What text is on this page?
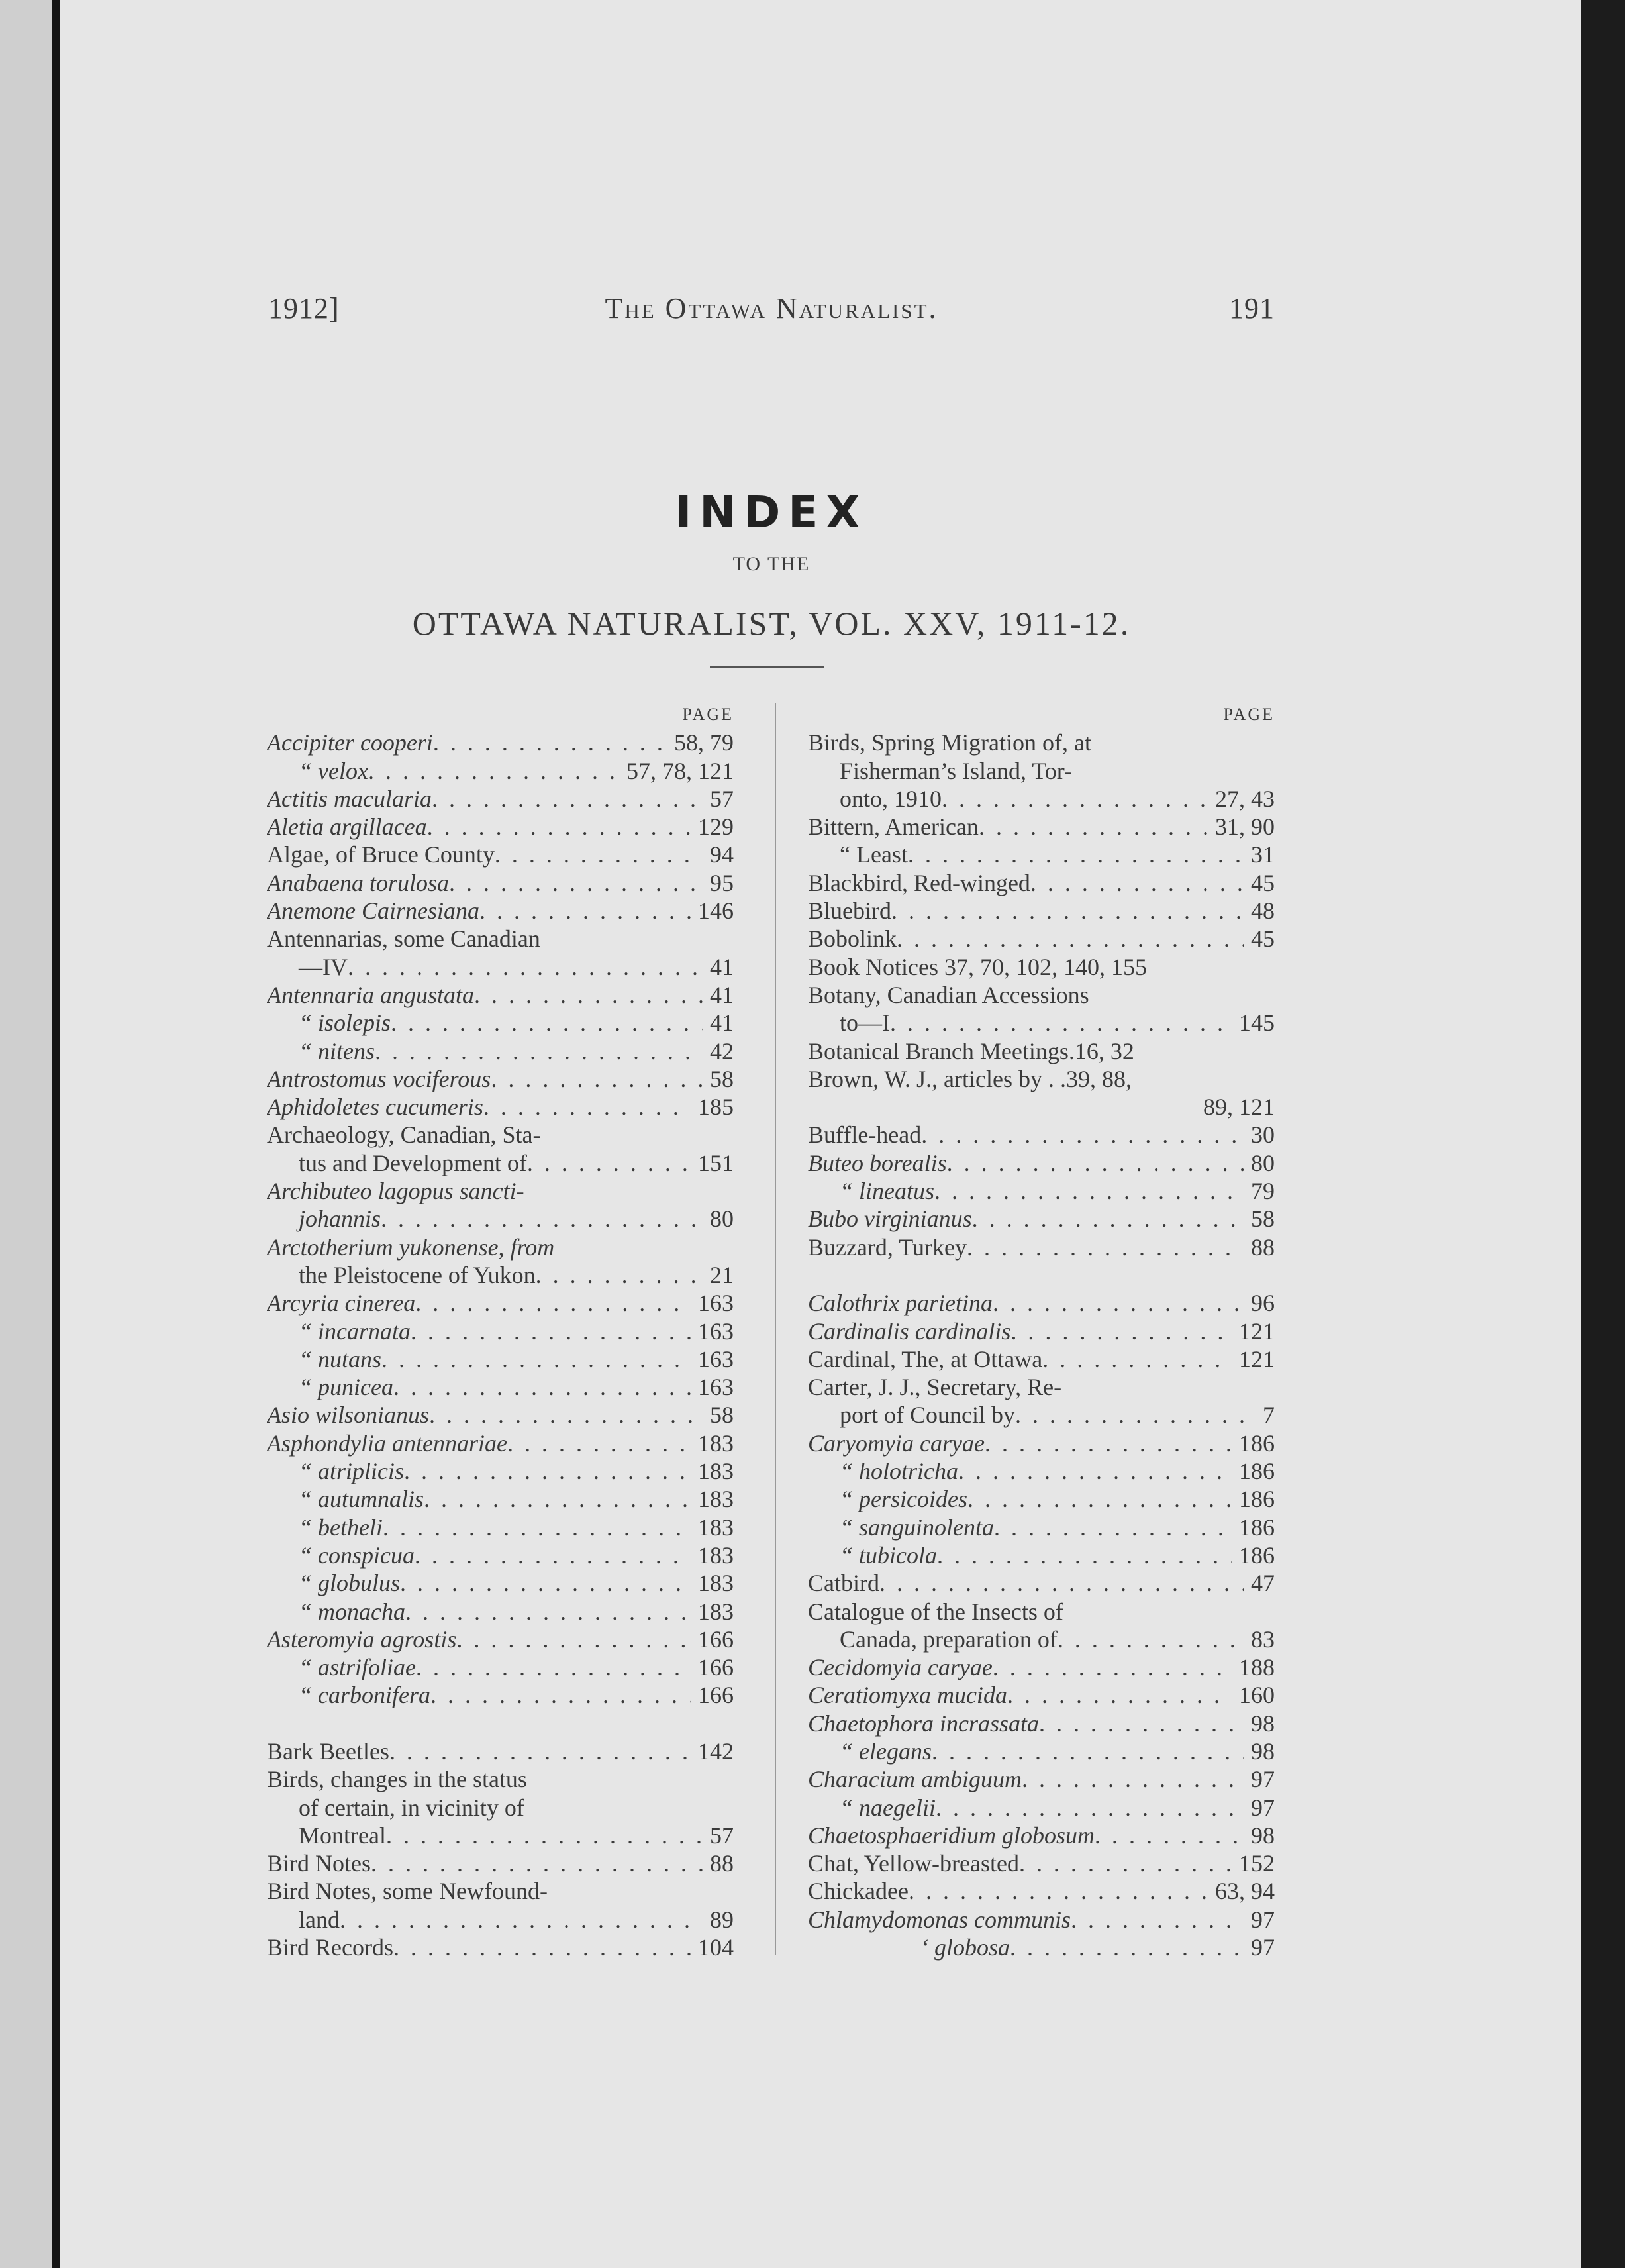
1912]	The Ottawa Naturalist.	191
INDEX
TO THE
OTTAWA NATURALIST, VOL. XXV, 1911-12.
PAGE
Accipiter cooperi . . .	58, 79
“ velox . . .	57, 78, 121
Actitis macularia . . .	57
Aletia argillacea . . .	129
Algae, of Bruce County . . .	94
Anabaena torulosa . . .	95
Anemone Cairnesiana . . .	146
Antennarias, some Canadian
—IV . . .	41
Antennaria angustata . . .	41
“ isolepis . . .	41
“ nitens . . .	42
Antrostomus vociferous . . .	58
Aphidoletes cucumeris . . .	185
Archaeology, Canadian, Sta-
tus and Development of . . .	151
Archibuteo lagopus sancti-
johannis . . .	80
Arctotherium yukonense, from
the Pleistocene of Yukon . . .	21
Arcyria cinerea . . .	163
“ incarnata . . .	163
“ nutans . . .	163
“ punicea . . .	163
Asio wilsonianus . . .	58
Asphondylia antennariae . . .	183
“ atriplicis . . .	183
“ autumnalis . . .	183
“ betheli . . .	183
“ conspicua . . .	183
“ globulus . . .	183
“ monacha . . .	183
Asteromyia agrostis . . .	166
“ astrifoliae . . .	166
“ carbonifera . . .	166
Bark Beetles . . .	142
Birds, changes in the status
of certain, in vicinity of
Montreal . . .	57
Bird Notes . . .	88
Bird Notes, some Newfound-
land . . .	89
Bird Records . . .	104
PAGE
Birds, Spring Migration of, at
Fisherman’s Island, Tor-
onto, 1910 . . .	27, 43
Bittern, American . . .	31, 90
“ Least . . .	31
Blackbird, Red-winged . . .	45
Bluebird . . .	48
Bobolink . . .	45
Book Notices 37, 70, 102, 140, 155
Botany, Canadian Accessions
to—I . . .	145
Botanical Branch Meetings.16, 32
Brown, W. J., articles by . .39, 88,
89, 121
Buffle-head . . .	30
Buteo borealis . . .	80
“ lineatus . . .	79
Bubo virginianus . . .	58
Buzzard, Turkey . . .	88
Calothrix parietina . . .	96
Cardinalis cardinalis . . .	121
Cardinal, The, at Ottawa . . .	121
Carter, J. J., Secretary, Re-
port of Council by . . .	7
Caryomyia caryae . . .	186
“ holotricha . . .	186
“ persicoides . . .	186
“ sanguinolenta . . .	186
“ tubicola . . .	186
Catbird . . .	47
Catalogue of the Insects of
Canada, preparation of . . .	83
Cecidomyia caryae . . .	188
Ceratiomyxa mucida . . .	160
Chaetophora incrassata . . .	98
“ elegans . . .	98
Characium ambiguum . . .	97
“ naegelii . . .	97
Chaetosphaeridium globosum . . .	98
Chat, Yellow-breasted . . .	152
Chickadee . . .	63, 94
Chlamydomonas communis . . .	97
‘ globosa . . .	97
